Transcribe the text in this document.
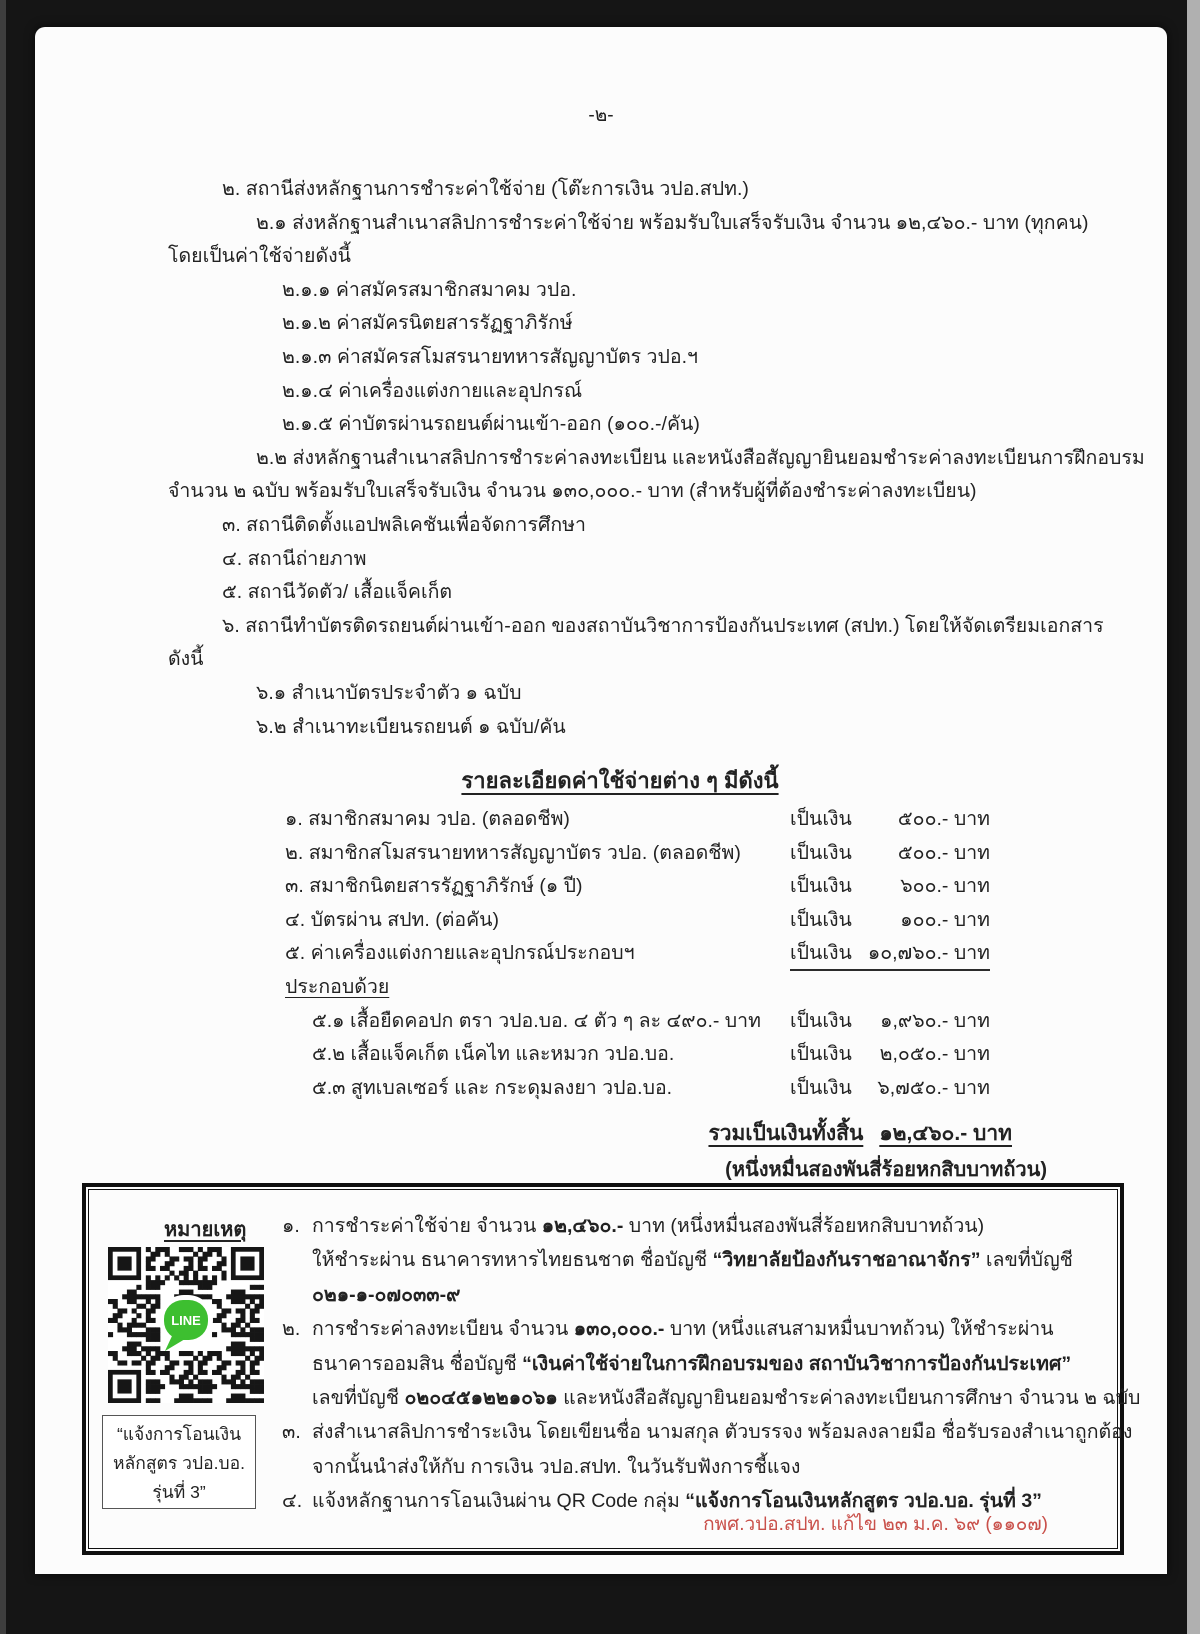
-๒-
๒. สถานีส่งหลักฐานการชำระค่าใช้จ่าย (โต๊ะการเงิน วปอ.สปท.)
๒.๑ ส่งหลักฐานสำเนาสลิปการชำระค่าใช้จ่าย พร้อมรับใบเสร็จรับเงิน จำนวน ๑๒,๔๖๐.- บาท (ทุกคน)
โดยเป็นค่าใช้จ่ายดังนี้
๒.๑.๑ ค่าสมัครสมาชิกสมาคม วปอ.
๒.๑.๒ ค่าสมัครนิตยสารรัฏฐาภิรักษ์
๒.๑.๓ ค่าสมัครสโมสรนายทหารสัญญาบัตร วปอ.ฯ
๒.๑.๔ ค่าเครื่องแต่งกายและอุปกรณ์
๒.๑.๕ ค่าบัตรผ่านรถยนต์ผ่านเข้า-ออก (๑๐๐.-/คัน)
๒.๒ ส่งหลักฐานสำเนาสลิปการชำระค่าลงทะเบียน และหนังสือสัญญายินยอมชำระค่าลงทะเบียนการฝึกอบรม
จำนวน ๒ ฉบับ พร้อมรับใบเสร็จรับเงิน จำนวน ๑๓๐,๐๐๐.- บาท (สำหรับผู้ที่ต้องชำระค่าลงทะเบียน)
๓. สถานีติดตั้งแอปพลิเคชันเพื่อจัดการศึกษา
๔. สถานีถ่ายภาพ
๕. สถานีวัดตัว/ เสื้อแจ็คเก็ต
๖. สถานีทำบัตรติดรถยนต์ผ่านเข้า-ออก ของสถาบันวิชาการป้องกันประเทศ (สปท.) โดยให้จัดเตรียมเอกสาร
ดังนี้
๖.๑ สำเนาบัตรประจำตัว ๑ ฉบับ
๖.๒ สำเนาทะเบียนรถยนต์ ๑ ฉบับ/คัน
รายละเอียดค่าใช้จ่ายต่าง ๆ มีดังนี้
๑. สมาชิกสมาคม วปอ. (ตลอดชีพ)	เป็นเงิน ๕๐๐.- บาท
๒. สมาชิกสโมสรนายทหารสัญญาบัตร วปอ. (ตลอดชีพ)	เป็นเงิน ๕๐๐.- บาท
๓. สมาชิกนิตยสารรัฏฐาภิรักษ์ (๑ ปี)	เป็นเงิน ๖๐๐.- บาท
๔. บัตรผ่าน สปท. (ต่อคัน)	เป็นเงิน ๑๐๐.- บาท
๕. ค่าเครื่องแต่งกายและอุปกรณ์ประกอบฯ	เป็นเงิน ๑๐,๗๖๐.- บาท
ประกอบด้วย
๕.๑ เสื้อยืดคอปก ตรา วปอ.บอ. ๔ ตัว ๆ ละ ๔๙๐.- บาท	เป็นเงิน ๑,๙๖๐.- บาท
๕.๒ เสื้อแจ็คเก็ต เน็คไท และหมวก วปอ.บอ.	เป็นเงิน ๒,๐๕๐.- บาท
๕.๓ สูทเบลเซอร์ และ กระดุมลงยา วปอ.บอ.	เป็นเงิน ๖,๗๕๐.- บาท
รวมเป็นเงินทั้งสิ้น ๑๒,๔๖๐.- บาท
(หนึ่งหมื่นสองพันสี่ร้อยหกสิบบาทถ้วน)
หมายเหตุ
LINE
“แจ้งการโอนเงิน
หลักสูตร วปอ.บอ.
รุ่นที่ 3”
๑. การชำระค่าใช้จ่าย จำนวน ๑๒,๔๖๐.- บาท (หนึ่งหมื่นสองพันสี่ร้อยหกสิบบาทถ้วน)
ให้ชำระผ่าน ธนาคารทหารไทยธนชาต ชื่อบัญชี “วิทยาลัยป้องกันราชอาณาจักร” เลขที่บัญชี
๐๒๑-๑-๐๗๐๓๓-๙
๒. การชำระค่าลงทะเบียน จำนวน ๑๓๐,๐๐๐.- บาท (หนึ่งแสนสามหมื่นบาทถ้วน) ให้ชำระผ่าน
ธนาคารออมสิน ชื่อบัญชี “เงินค่าใช้จ่ายในการฝึกอบรมของ สถาบันวิชาการป้องกันประเทศ”
เลขที่บัญชี ๐๒๐๔๕๑๒๒๑๐๖๑ และหนังสือสัญญายินยอมชำระค่าลงทะเบียนการศึกษา จำนวน ๒ ฉบับ
๓. ส่งสำเนาสลิปการชำระเงิน โดยเขียนชื่อ นามสกุล ตัวบรรจง พร้อมลงลายมือ ชื่อรับรองสำเนาถูกต้อง
จากนั้นนำส่งให้กับ การเงิน วปอ.สปท. ในวันรับฟังการชี้แจง
๔. แจ้งหลักฐานการโอนเงินผ่าน QR Code กลุ่ม “แจ้งการโอนเงินหลักสูตร วปอ.บอ. รุ่นที่ 3”
กพศ.วปอ.สปท. แก้ไข ๒๓ ม.ค. ๖๙ (๑๑๐๗)
